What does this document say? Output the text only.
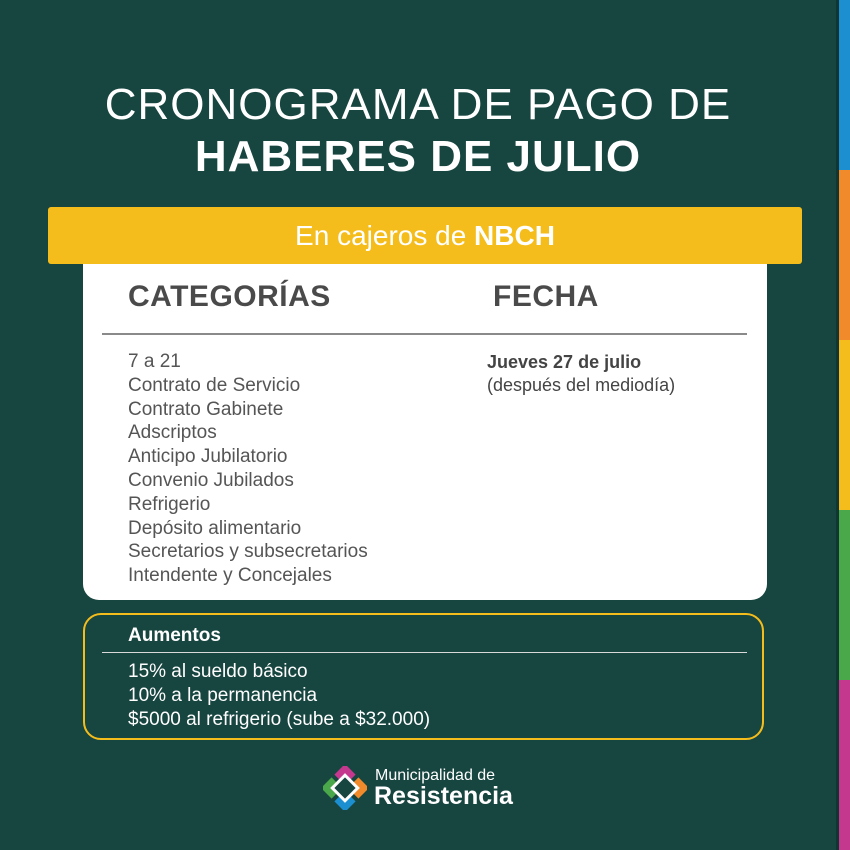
CRONOGRAMA DE PAGO DE
HABERES DE JULIO
En cajeros de NBCH
CATEGORÍAS	FECHA
7 a 21
Contrato de Servicio
Contrato Gabinete
Adscriptos
Anticipo Jubilatorio
Convenio Jubilados
Refrigerio
Depósito alimentario
Secretarios y subsecretarios
Intendente y Concejales
Jueves 27 de julio
(después del mediodía)
Aumentos
15% al sueldo básico
10% a la permanencia
$5000 al refrigerio (sube a $32.000)
Municipalidad de
Resistencia
